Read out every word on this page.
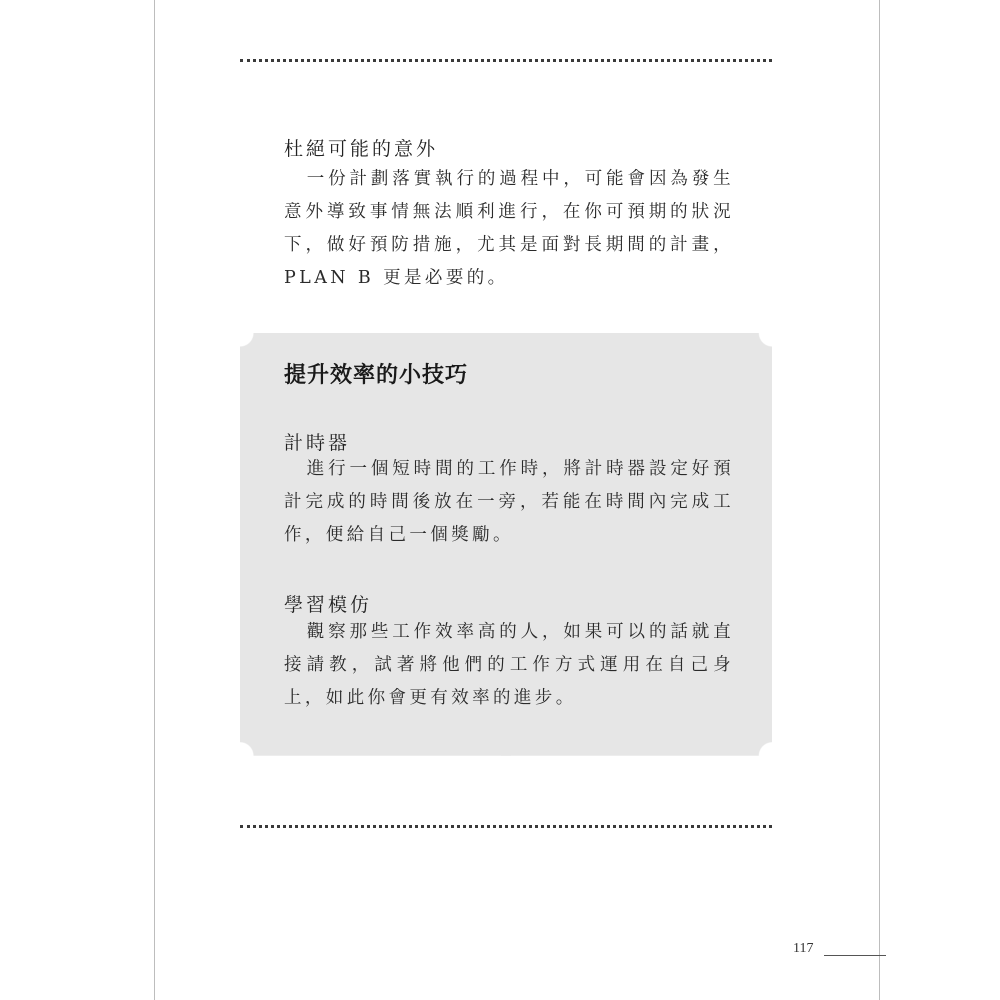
杜絕可能的意外
一份計劃落實執行的過程中，可能會因為發生意外導致事情無法順利進行，在你可預期的狀況下，做好預防措施，尤其是面對長期間的計畫，PLAN B 更是必要的。
提升效率的小技巧
計時器
進行一個短時間的工作時，將計時器設定好預計完成的時間後放在一旁，若能在時間內完成工作，便給自己一個獎勵。
學習模仿
觀察那些工作效率高的人，如果可以的話就直接請教，試著將他們的工作方式運用在自己身上，如此你會更有效率的進步。
117
